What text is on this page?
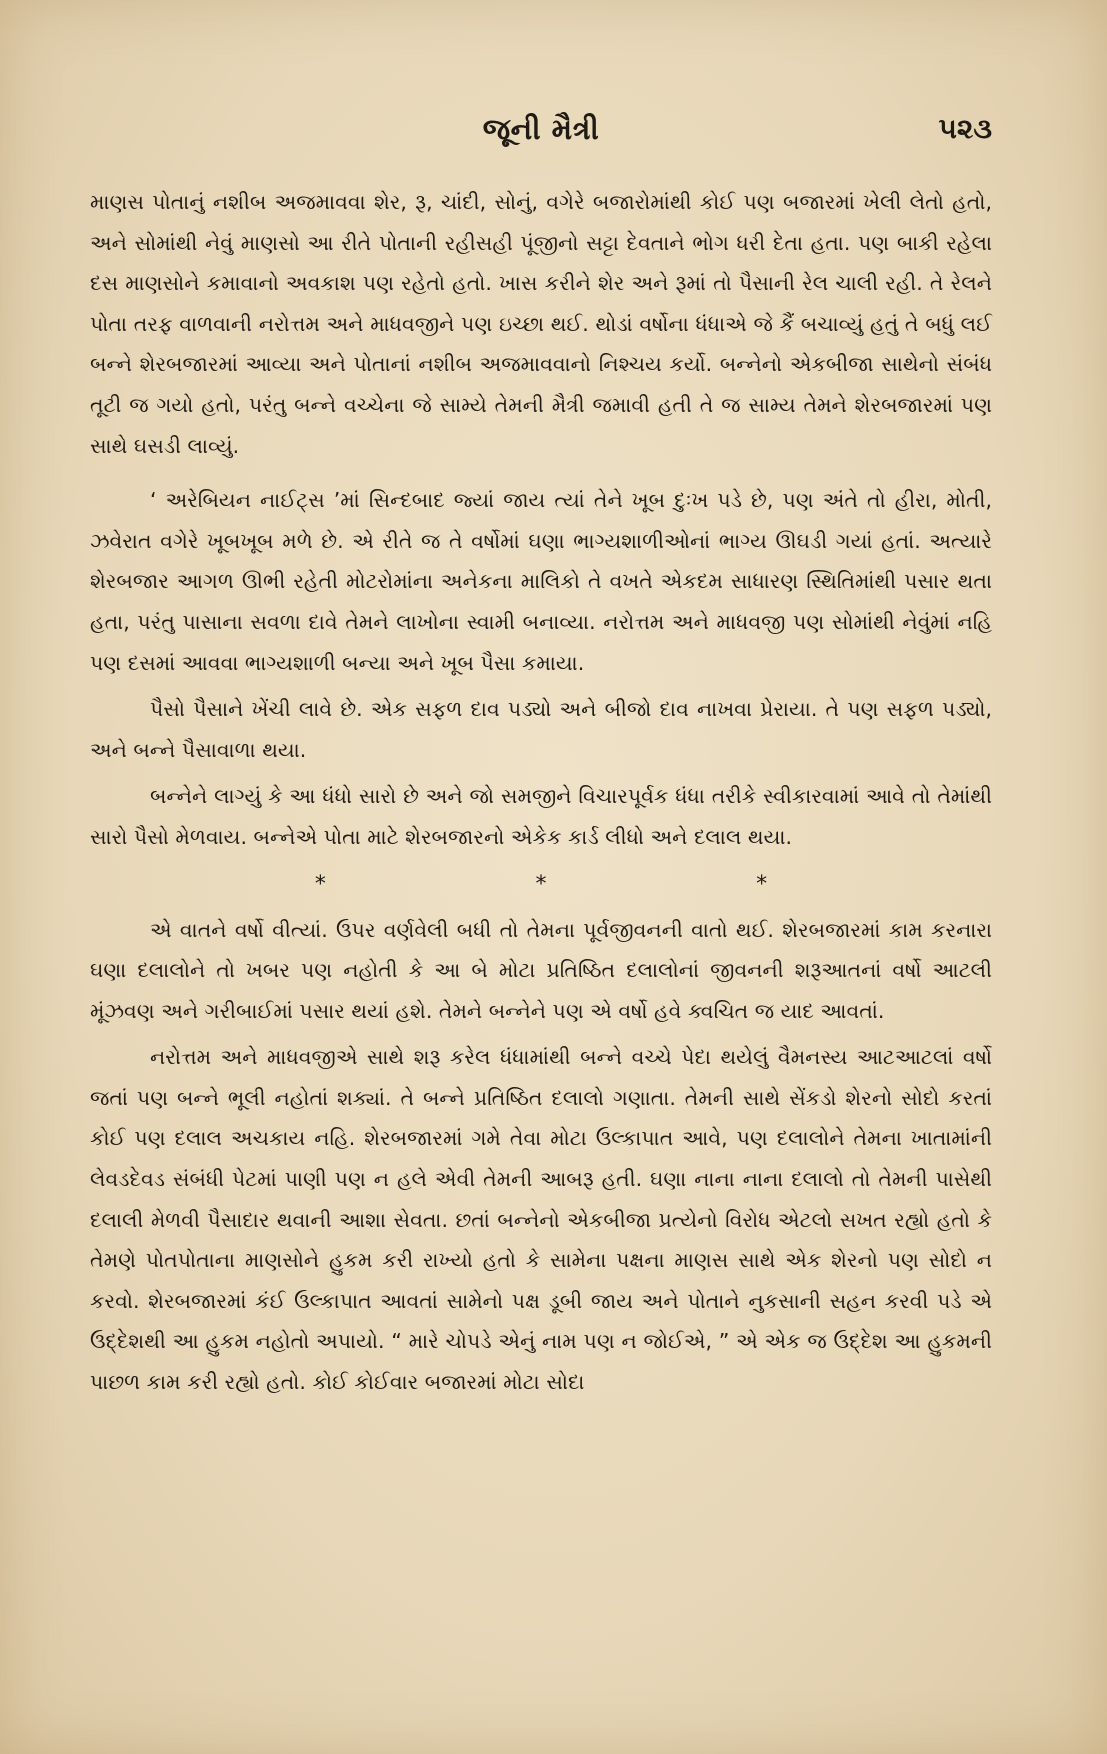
જૂની મૈત્રી	૫૨૩

માણસ પોતાનું નશીબ અજમાવવા શેર, રૂ, ચાંદી, સોનું, વગેરે બજારોમાંથી કોઈ પણ બજારમાં ખેલી લેતો હતો, અને સોમાંથી નેવું માણસો આ રીતે પોતાની રહીસહી પૂંજીનો સટ્ટા દેવતાને ભોગ ધરી દેતા હતા. પણ બાકી રહેલા દસ માણસોને કમાવાનો અવકાશ પણ રહેતો હતો. ખાસ કરીને શેર અને રૂમાં તો પૈસાની રેલ ચાલી રહી. તે રેલને પોતા તરફ વાળવાની નરોત્તમ અને માધવજીને પણ ઇચ્છા થઈ. થોડાં વર્ષોના ધંધાએ જે કૈં બચાવ્યું હતું તે બધું લઈ બન્ને શેરબજારમાં આવ્યા અને પોતાનાં નશીબ અજમાવવાનો નિશ્ચય કર્યો. બન્નેનો એકબીજા સાથેનો સંબંધ તૂટી જ ગયો હતો, પરંતુ બન્ને વચ્ચેના જે સામ્યે તેમની મૈત્રી જમાવી હતી તે જ સામ્ય તેમને શેરબજારમાં પણ સાથે ઘસડી લાવ્યું.

‘ અરેબિયન નાઈટ્સ ’માં સિન્દબાદ જ્યાં જાય ત્યાં તેને ખૂબ દુઃખ પડે છે, પણ અંતે તો હીરા, મોતી, ઝવેરાત વગેરે ખૂબખૂબ મળે છે. એ રીતે જ તે વર્ષોમાં ઘણા ભાગ્યશાળીઓનાં ભાગ્ય ઊઘડી ગયાં હતાં. અત્યારે શેરબજાર આગળ ઊભી રહેતી મોટરોમાંના અનેકના માલિકો તે વખતે એકદમ સાધારણ સ્થિતિમાંથી પસાર થતા હતા, પરંતુ પાસાના સવળા દાવે તેમને લાખોના સ્વામી બનાવ્યા. નરોત્તમ અને માધવજી પણ સોમાંથી નેવુંમાં નહિ પણ દસમાં આવવા ભાગ્યશાળી બન્યા અને ખૂબ પૈસા કમાયા.

પૈસો પૈસાને ખેંચી લાવે છે. એક સફળ દાવ પડ્યો અને બીજો દાવ નાખવા પ્રેરાયા. તે પણ સફળ પડ્યો, અને બન્ને પૈસાવાળા થયા.

બન્નેને લાગ્યું કે આ ધંધો સારો છે અને જો સમજીને વિચારપૂર્વક ધંધા તરીકે સ્વીકારવામાં આવે તો તેમાંથી સારો પૈસો મેળવાય. બન્નેએ પોતા માટે શેરબજારનો એકેક કાર્ડ લીધો અને દલાલ થયા.

*	*	*

એ વાતને વર્ષો વીત્યાં. ઉપર વર્ણવેલી બધી તો તેમના પૂર્વજીવનની વાતો થઈ. શેરબજારમાં કામ કરનારા ઘણા દલાલોને તો ખબર પણ નહોતી કે આ બે મોટા પ્રતિષ્ઠિત દલાલોનાં જીવનની શરૂઆતનાં વર્ષો આટલી મૂંઝવણ અને ગરીબાઈમાં પસાર થયાં હશે. તેમને બન્નેને પણ એ વર્ષો હવે ક્વચિત જ યાદ આવતાં.

નરોત્તમ અને માધવજીએ સાથે શરૂ કરેલ ધંધામાંથી બન્ને વચ્ચે પેદા થયેલું વૈમનસ્ય આટઆટલાં વર્ષો જતાં પણ બન્ને ભૂલી નહોતાં શક્યાં. તે બન્ને પ્રતિષ્ઠિત દલાલો ગણાતા. તેમની સાથે સેંકડો શેરનો સોદો કરતાં કોઈ પણ દલાલ અચકાય નહિ. શેરબજારમાં ગમે તેવા મોટા ઉલ્કાપાત આવે, પણ દલાલોને તેમના ખાતામાંની લેવડદેવડ સંબંધી પેટમાં પાણી પણ ન હલે એવી તેમની આબરૂ હતી. ઘણા નાના નાના દલાલો તો તેમની પાસેથી દલાલી મેળવી પૈસાદાર થવાની આશા સેવતા. છતાં બન્નેનો એકબીજા પ્રત્યેનો વિરોધ એટલો સખત રહ્યો હતો કે તેમણે પોતપોતાના માણસોને હુકમ કરી રાખ્યો હતો કે સામેના પક્ષના માણસ સાથે એક શેરનો પણ સોદો ન કરવો. શેરબજારમાં કંઈ ઉલ્કાપાત આવતાં સામેનો પક્ષ ડૂબી જાય અને પોતાને નુકસાની સહન કરવી પડે એ ઉદ્દેશથી આ હુકમ નહોતો અપાયો. “ મારે ચોપડે એનું નામ પણ ન જોઈએ, ” એ એક જ ઉદ્દેશ આ હુકમની પાછળ કામ કરી રહ્યો હતો. કોઈ કોઈવાર બજારમાં મોટા સોદા
